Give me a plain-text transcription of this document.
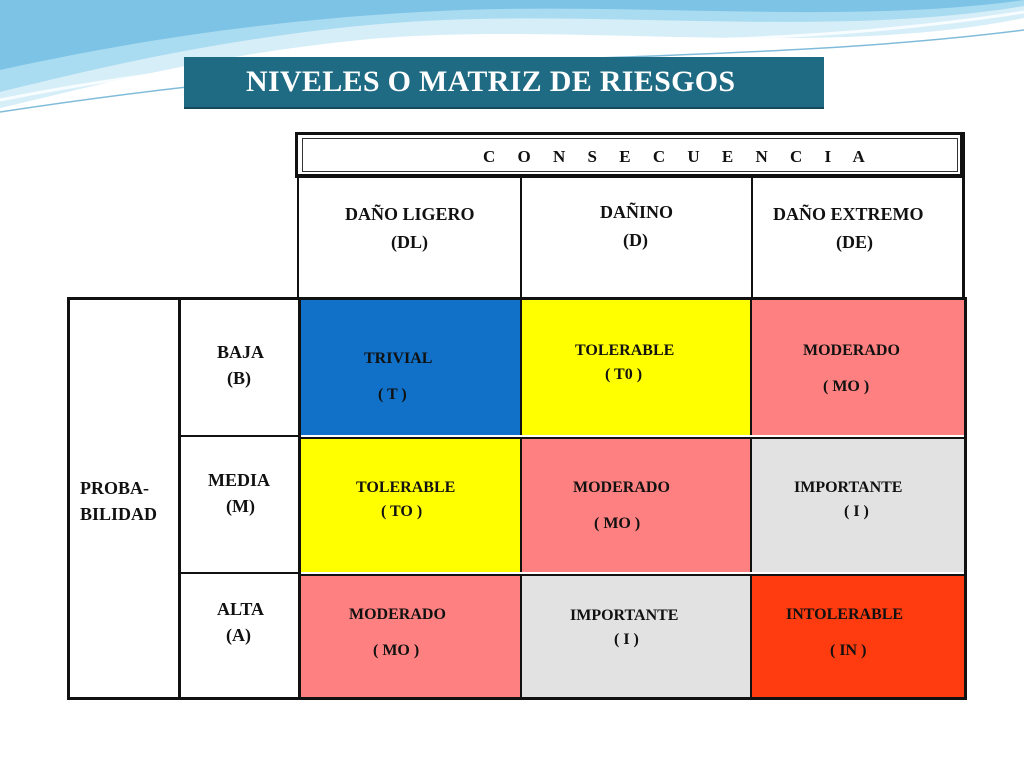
NIVELES O MATRIZ DE RIESGOS
C O N S E C U E N C I A
DAÑO LIGERO
(DL)
DAÑINO
(D)
DAÑO EXTREMO
(DE)
PROBA-
BILIDAD
BAJA
(B)
MEDIA
(M)
ALTA
(A)
TRIVIAL
( T )
TOLERABLE
( T0 )
MODERADO
( MO )
TOLERABLE
( TO )
MODERADO
( MO )
IMPORTANTE
( I )
MODERADO
( MO )
IMPORTANTE
( I )
INTOLERABLE
( IN )
